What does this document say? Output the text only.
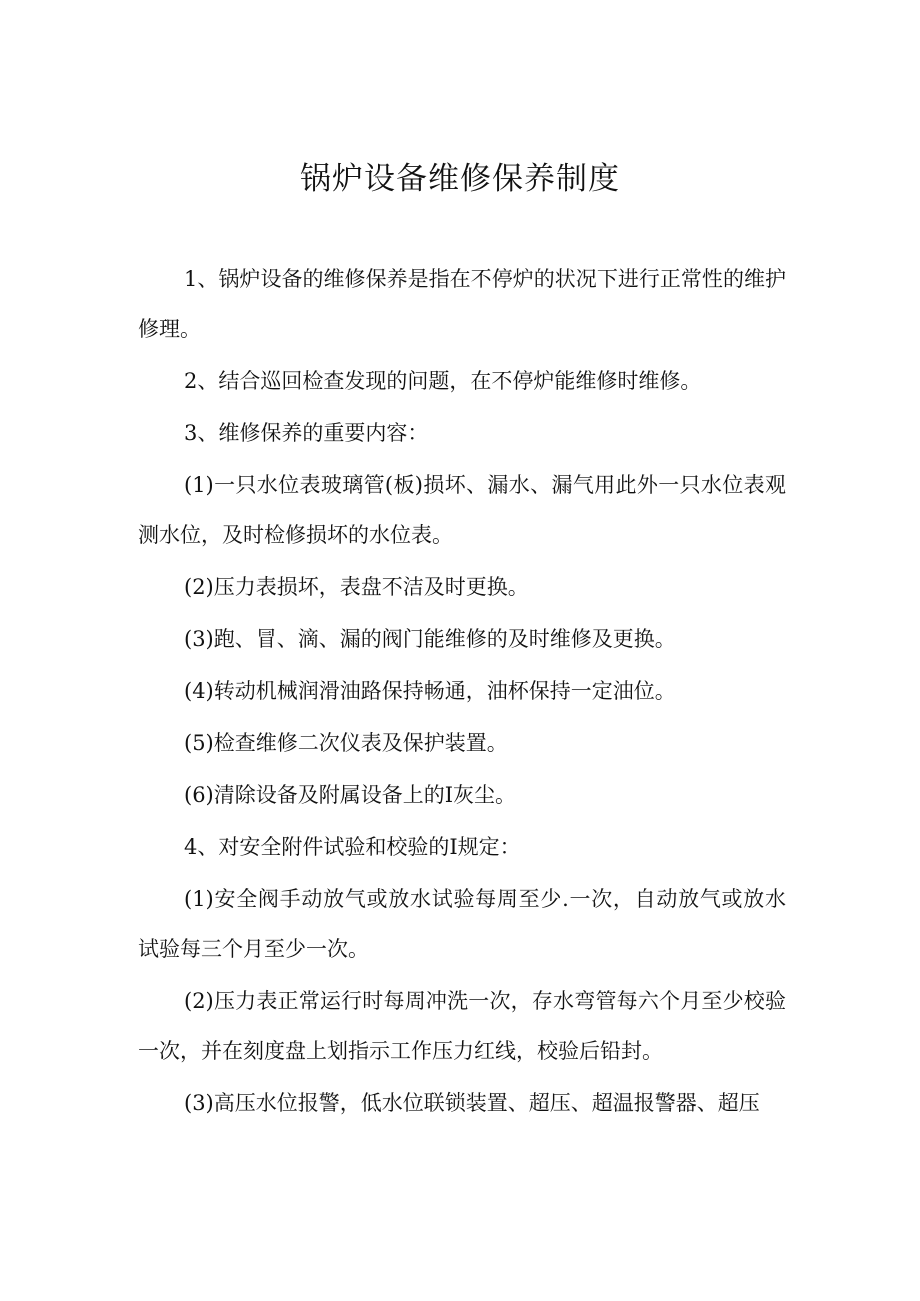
锅炉设备维修保养制度

1、锅炉设备的维修保养是指在不停炉的状况下进行正常性的维护修理。

2、结合巡回检查发现的问题，在不停炉能维修时维修。

3、维修保养的重要内容：

(1)一只水位表玻璃管(板)损坏、漏水、漏气用此外一只水位表观测水位，及时检修损坏的水位表。

(2)压力表损坏，表盘不洁及时更换。

(3)跑、冒、滴、漏的阀门能维修的及时维修及更换。

(4)转动机械润滑油路保持畅通，油杯保持一定油位。

(5)检查维修二次仪表及保护装置。

(6)清除设备及附属设备上的I灰尘。

4、对安全附件试验和校验的I规定：

(1)安全阀手动放气或放水试验每周至少.一次，自动放气或放水试验每三个月至少一次。

(2)压力表正常运行时每周冲洗一次，存水弯管每六个月至少校验一次，并在刻度盘上划指示工作压力红线，校验后铅封。

(3)高压水位报警，低水位联锁装置、超压、超温报警器、超压
